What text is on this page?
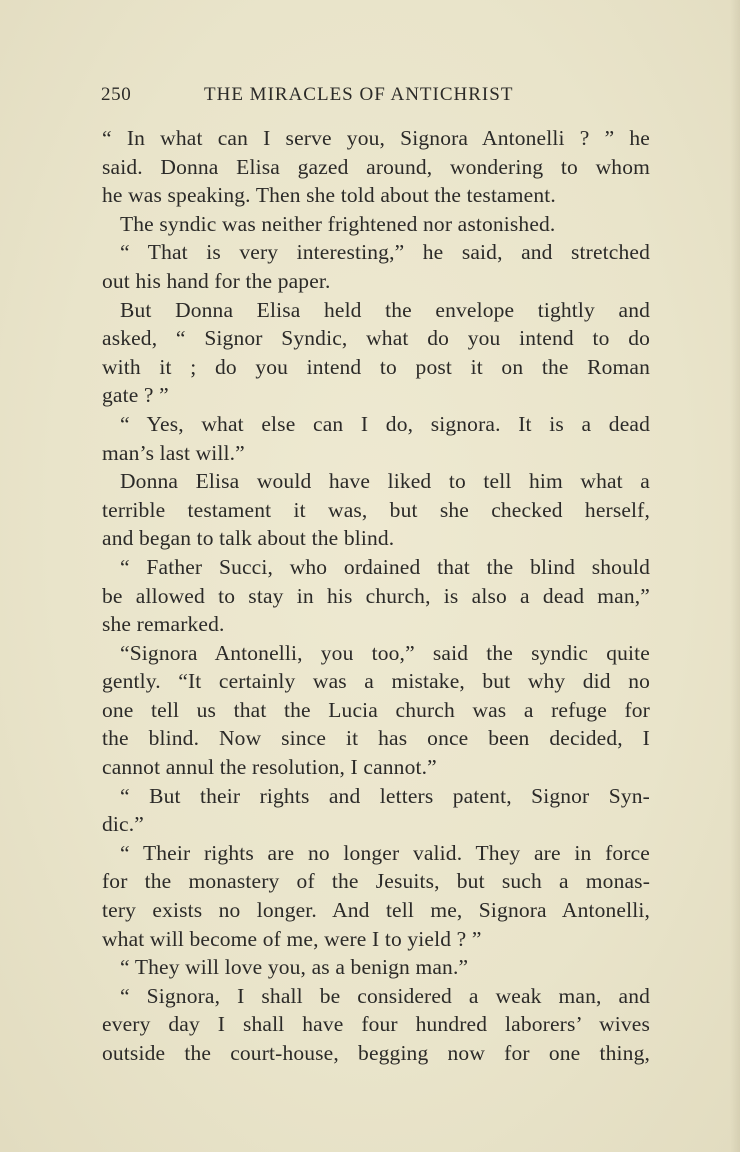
250	THE MIRACLES OF ANTICHRIST
“ In what can I serve you, Signora Antonelli ? ” he
said. Donna Elisa gazed around, wondering to whom
he was speaking. Then she told about the testament.
The syndic was neither frightened nor astonished.
“ That is very interesting,” he said, and stretched
out his hand for the paper.
But Donna Elisa held the envelope tightly and
asked, “ Signor Syndic, what do you intend to do
with it ; do you intend to post it on the Roman
gate ? ”
“ Yes, what else can I do, signora. It is a dead
man’s last will.”
Donna Elisa would have liked to tell him what a
terrible testament it was, but she checked herself,
and began to talk about the blind.
“ Father Succi, who ordained that the blind should
be allowed to stay in his church, is also a dead man,”
she remarked.
“Signora Antonelli, you too,” said the syndic quite
gently. “It certainly was a mistake, but why did no
one tell us that the Lucia church was a refuge for
the blind. Now since it has once been decided, I
cannot annul the resolution, I cannot.”
“ But their rights and letters patent, Signor Syn-
dic.”
“ Their rights are no longer valid. They are in force
for the monastery of the Jesuits, but such a monas-
tery exists no longer. And tell me, Signora Antonelli,
what will become of me, were I to yield ? ”
“ They will love you, as a benign man.”
“ Signora, I shall be considered a weak man, and
every day I shall have four hundred laborers’ wives
outside the court-house, begging now for one thing,
